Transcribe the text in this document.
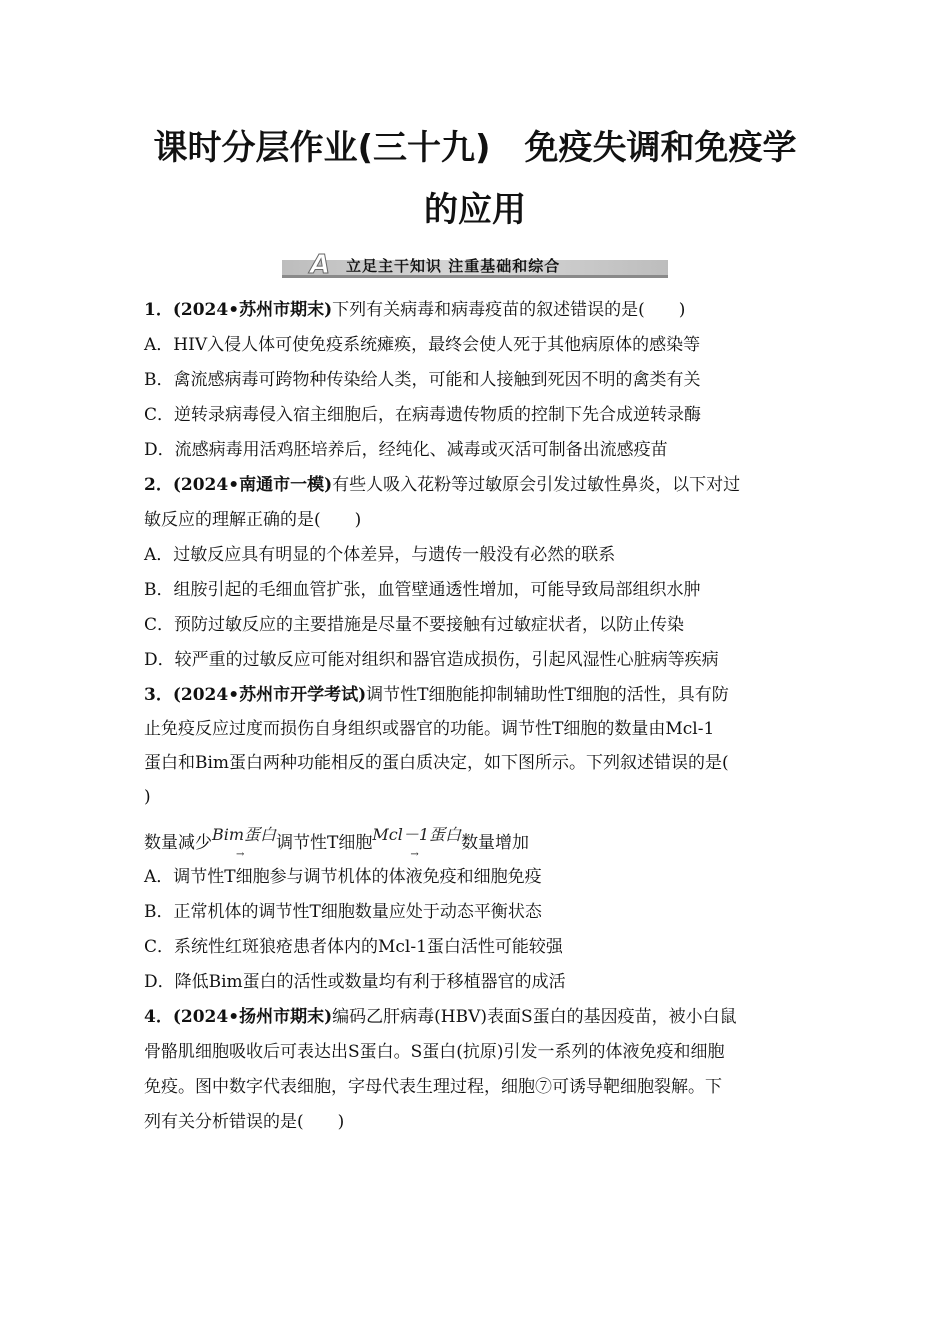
课时分层作业(三十九)　免疫失调和免疫学
的应用
A 立足主干知识 注重基础和综合
1．(2024•苏州市期末)下列有关病毒和病毒疫苗的叙述错误的是(　　)
A．HIV入侵人体可使免疫系统瘫痪，最终会使人死于其他病原体的感染等
B．禽流感病毒可跨物种传染给人类，可能和人接触到死因不明的禽类有关
C．逆转录病毒侵入宿主细胞后，在病毒遗传物质的控制下先合成逆转录酶
D．流感病毒用活鸡胚培养后，经纯化、减毒或灭活可制备出流感疫苗
2．(2024•南通市一模)有些人吸入花粉等过敏原会引发过敏性鼻炎，以下对过
敏反应的理解正确的是(　　)
A．过敏反应具有明显的个体差异，与遗传一般没有必然的联系
B．组胺引起的毛细血管扩张，血管壁通透性增加，可能导致局部组织水肿
C．预防过敏反应的主要措施是尽量不要接触有过敏症状者，以防止传染
D．较严重的过敏反应可能对组织和器官造成损伤，引起风湿性心脏病等疾病
3．(2024•苏州市开学考试)调节性T细胞能抑制辅助性T细胞的活性，具有防
止免疫反应过度而损伤自身组织或器官的功能。调节性T细胞的数量由Mcl-1
蛋白和Bim蛋白两种功能相反的蛋白质决定，如下图所示。下列叙述错误的是(
)
数量减少Bim蛋白
→
调节性T细胞Mcl－1蛋白
→
数量增加
A．调节性T细胞参与调节机体的体液免疫和细胞免疫
B．正常机体的调节性T细胞数量应处于动态平衡状态
C．系统性红斑狼疮患者体内的Mcl-1蛋白活性可能较强
D．降低Bim蛋白的活性或数量均有利于移植器官的成活
4．(2024•扬州市期末)编码乙肝病毒(HBV)表面S蛋白的基因疫苗，被小白鼠
骨骼肌细胞吸收后可表达出S蛋白。S蛋白(抗原)引发一系列的体液免疫和细胞
免疫。图中数字代表细胞，字母代表生理过程，细胞⑦可诱导靶细胞裂解。下
列有关分析错误的是(　　)
